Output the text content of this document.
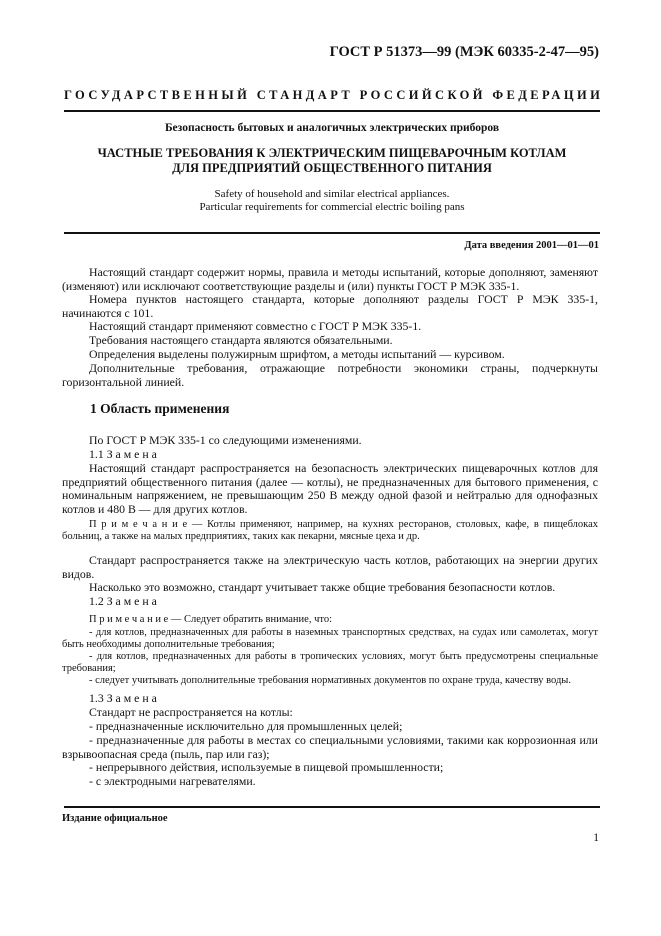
ГОСТ Р 51373—99 (МЭК 60335-2-47—95)
ГОСУДАРСТВЕННЫЙ СТАНДАРТ РОССИЙСКОЙ ФЕДЕРАЦИИ
Безопасность бытовых и аналогичных электрических приборов
ЧАСТНЫЕ ТРЕБОВАНИЯ К ЭЛЕКТРИЧЕСКИМ ПИЩЕВАРОЧНЫМ КОТЛАМ
ДЛЯ ПРЕДПРИЯТИЙ ОБЩЕСТВЕННОГО ПИТАНИЯ
Safety of household and similar electrical appliances.
Particular requirements for commercial electric boiling pans
Дата введения 2001—01—01
Настоящий стандарт содержит нормы, правила и методы испытаний, которые дополняют, заменяют (изменяют) или исключают соответствующие разделы и (или) пункты ГОСТ Р МЭК 335-1.
Номера пунктов настоящего стандарта, которые дополняют разделы ГОСТ Р МЭК 335-1, начинаются с 101.
Настоящий стандарт применяют совместно с ГОСТ Р МЭК 335-1.
Требования настоящего стандарта являются обязательными.
Определения выделены полужирным шрифтом, а методы испытаний — курсивом.
Дополнительные требования, отражающие потребности экономики страны, подчеркнуты горизонтальной линией.
1 Область применения
По ГОСТ Р МЭК 335-1 со следующими изменениями.
1.1 З а м е н а
Настоящий стандарт распространяется на безопасность электрических пищеварочных котлов для предприятий общественного питания (далее — котлы), не предназначенных для бытового применения, с номинальным напряжением, не превышающим 250 В между одной фазой и нейтралью для однофазных котлов и 480 В — для других котлов.
П р и м е ч а н и е — Котлы применяют, например, на кухнях ресторанов, столовых, кафе, в пищеблоках больниц, а также на малых предприятиях, таких как пекарни, мясные цеха и др.
Стандарт распространяется также на электрическую часть котлов, работающих на энергии других видов.
Насколько это возможно, стандарт учитывает также общие требования безопасности котлов.
1.2 З а м е н а
П р и м е ч а н и е — Следует обратить внимание, что:
- для котлов, предназначенных для работы в наземных транспортных средствах, на судах или самолетах, могут быть необходимы дополнительные требования;
- для котлов, предназначенных для работы в тропических условиях, могут быть предусмотрены специальные требования;
- следует учитывать дополнительные требования нормативных документов по охране труда, качеству воды.
1.3 З а м е н а
Стандарт не распространяется на котлы:
- предназначенные исключительно для промышленных целей;
- предназначенные для работы в местах со специальными условиями, такими как коррозионная или взрывоопасная среда (пыль, пар или газ);
- непрерывного действия, используемые в пищевой промышленности;
- с электродными нагревателями.
Издание официальное
1
